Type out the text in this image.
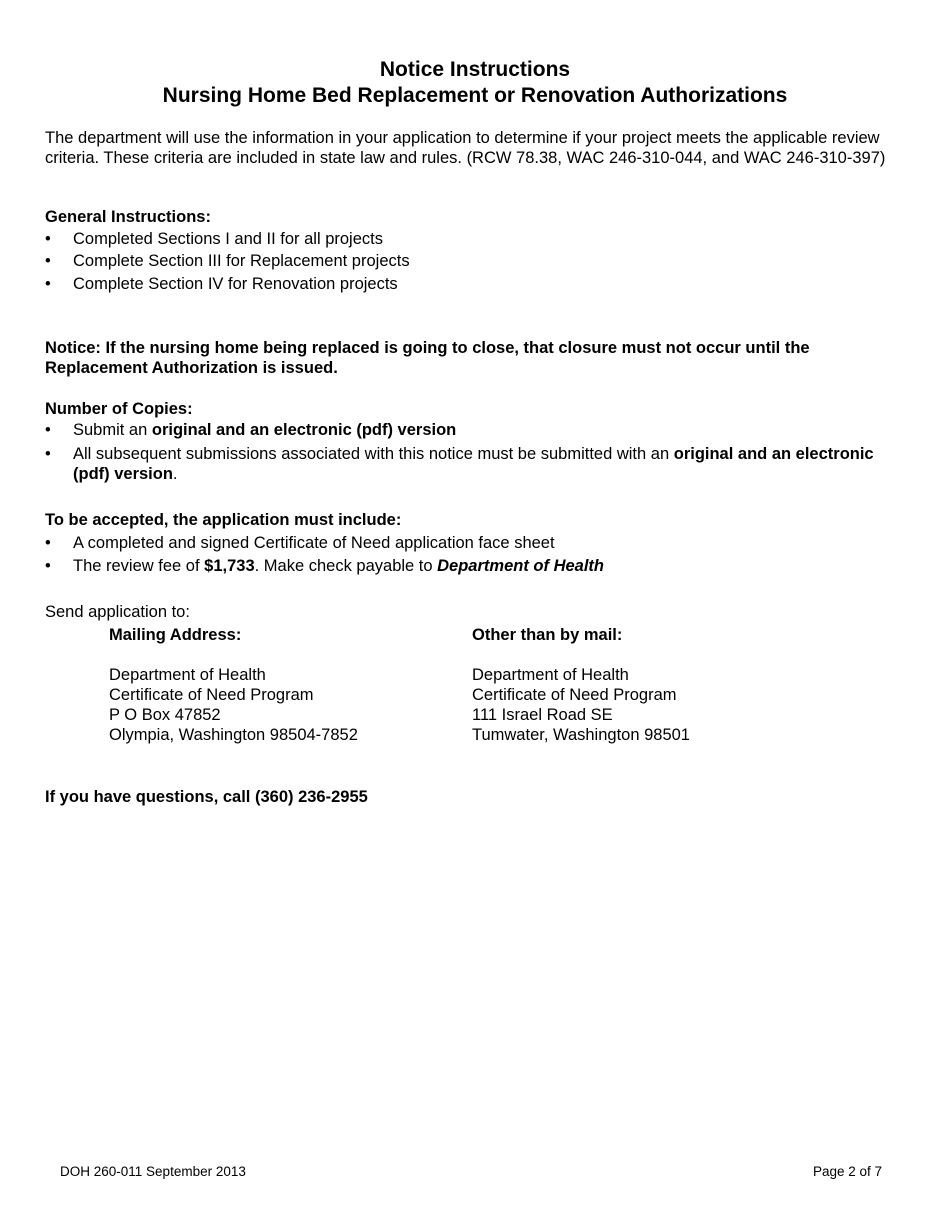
Notice Instructions
Nursing Home Bed Replacement or Renovation Authorizations
The department will use the information in your application to determine if your project meets the applicable review criteria. These criteria are included in state law and rules. (RCW 78.38, WAC 246-310-044, and WAC 246-310-397)
General Instructions:
• Completed Sections I and II for all projects
• Complete Section III for Replacement projects
• Complete Section IV for Renovation projects
Notice: If the nursing home being replaced is going to close, that closure must not occur until the Replacement Authorization is issued.
Number of Copies:
• Submit an original and an electronic (pdf) version
• All subsequent submissions associated with this notice must be submitted with an original and an electronic (pdf) version.
To be accepted, the application must include:
• A completed and signed Certificate of Need application face sheet
• The review fee of $1,733. Make check payable to Department of Health
Send application to:
Mailing Address:
Department of Health
Certificate of Need Program
P O Box 47852
Olympia, Washington 98504-7852
Other than by mail:
Department of Health
Certificate of Need Program
111 Israel Road SE
Tumwater, Washington 98501
If you have questions, call (360) 236-2955
DOH 260-011 September 2013	Page 2 of 7
